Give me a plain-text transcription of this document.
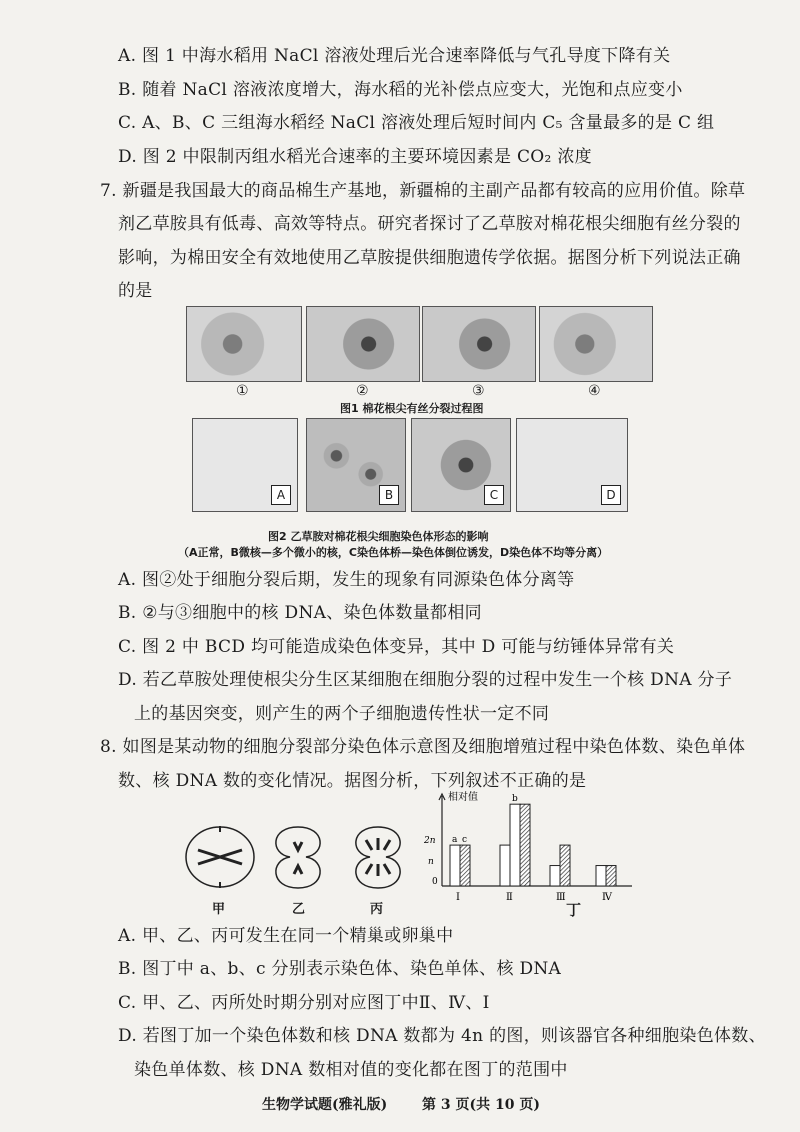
A. 图 1 中海水稻用 NaCl 溶液处理后光合速率降低与气孔导度下降有关
B. 随着 NaCl 溶液浓度增大，海水稻的光补偿点应变大，光饱和点应变小
C. A、B、C 三组海水稻经 NaCl 溶液处理后短时间内 C₅ 含量最多的是 C 组
D. 图 2 中限制丙组水稻光合速率的主要环境因素是 CO₂ 浓度
7. 新疆是我国最大的商品棉生产基地，新疆棉的主副产品都有较高的应用价值。除草
剂乙草胺具有低毒、高效等特点。研究者探讨了乙草胺对棉花根尖细胞有丝分裂的
影响，为棉田安全有效地使用乙草胺提供细胞遗传学依据。据图分析下列说法正确
的是
①	②	③	④
图1 棉花根尖有丝分裂过程图
A	B	C	D
图2 乙草胺对棉花根尖细胞染色体形态的影响
（A正常，B微核—多个微小的核，C染色体桥—染色体倒位诱发，D染色体不均等分离）
A. 图②处于细胞分裂后期，发生的现象有同源染色体分离等
B. ②与③细胞中的核 DNA、染色体数量都相同
C. 图 2 中 BCD 均可能造成染色体变异，其中 D 可能与纺锤体异常有关
D. 若乙草胺处理使根尖分生区某细胞在细胞分裂的过程中发生一个核 DNA 分子
上的基因突变，则产生的两个子细胞遗传性状一定不同
8. 如图是某动物的细胞分裂部分染色体示意图及细胞增殖过程中染色体数、染色单体
数、核 DNA 数的变化情况。据图分析，下列叙述不正确的是
甲	乙	丙
相对值
2n
n
0
a c
Ⅰ
b
Ⅱ	Ⅲ	Ⅳ
丁
A. 甲、乙、丙可发生在同一个精巢或卵巢中
B. 图丁中 a、b、c 分别表示染色体、染色单体、核 DNA
C. 甲、乙、丙所处时期分别对应图丁中Ⅱ、Ⅳ、Ⅰ
D. 若图丁加一个染色体数和核 DNA 数都为 4n 的图，则该器官各种细胞染色体数、
染色单体数、核 DNA 数相对值的变化都在图丁的范围中
生物学试题(雅礼版) 第 3 页(共 10 页)
